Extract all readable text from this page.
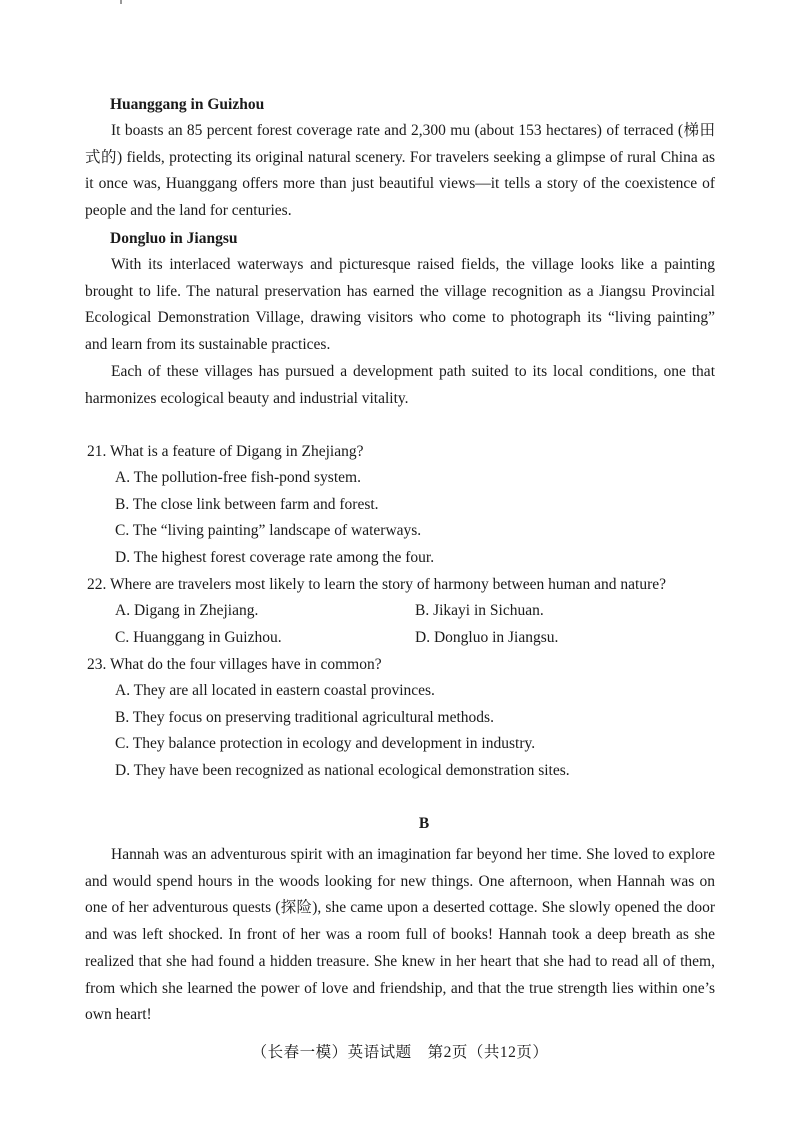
Huanggang in Guizhou

It boasts an 85 percent forest coverage rate and 2,300 mu (about 153 hectares) of terraced (梯田式的) fields, protecting its original natural scenery. For travelers seeking a glimpse of rural China as it once was, Huanggang offers more than just beautiful views—it tells a story of the coexistence of people and the land for centuries.

Dongluo in Jiangsu

With its interlaced waterways and picturesque raised fields, the village looks like a painting brought to life. The natural preservation has earned the village recognition as a Jiangsu Provincial Ecological Demonstration Village, drawing visitors who come to photograph its “living painting” and learn from its sustainable practices.

Each of these villages has pursued a development path suited to its local conditions, one that harmonizes ecological beauty and industrial vitality.

21. What is a feature of Digang in Zhejiang?
A. The pollution-free fish-pond system.
B. The close link between farm and forest.
C. The “living painting” landscape of waterways.
D. The highest forest coverage rate among the four.
22. Where are travelers most likely to learn the story of harmony between human and nature?
A. Digang in Zhejiang.	B. Jikayi in Sichuan.
C. Huanggang in Guizhou.	D. Dongluo in Jiangsu.
23. What do the four villages have in common?
A. They are all located in eastern coastal provinces.
B. They focus on preserving traditional agricultural methods.
C. They balance protection in ecology and development in industry.
D. They have been recognized as national ecological demonstration sites.
B

Hannah was an adventurous spirit with an imagination far beyond her time. She loved to explore and would spend hours in the woods looking for new things. One afternoon, when Hannah was on one of her adventurous quests (探险), she came upon a deserted cottage. She slowly opened the door and was left shocked. In front of her was a room full of books! Hannah took a deep breath as she realized that she had found a hidden treasure. She knew in her heart that she had to read all of them, from which she learned the power of love and friendship, and that the true strength lies within one’s own heart!

（长春一模）英语试题　第2页（共12页）
